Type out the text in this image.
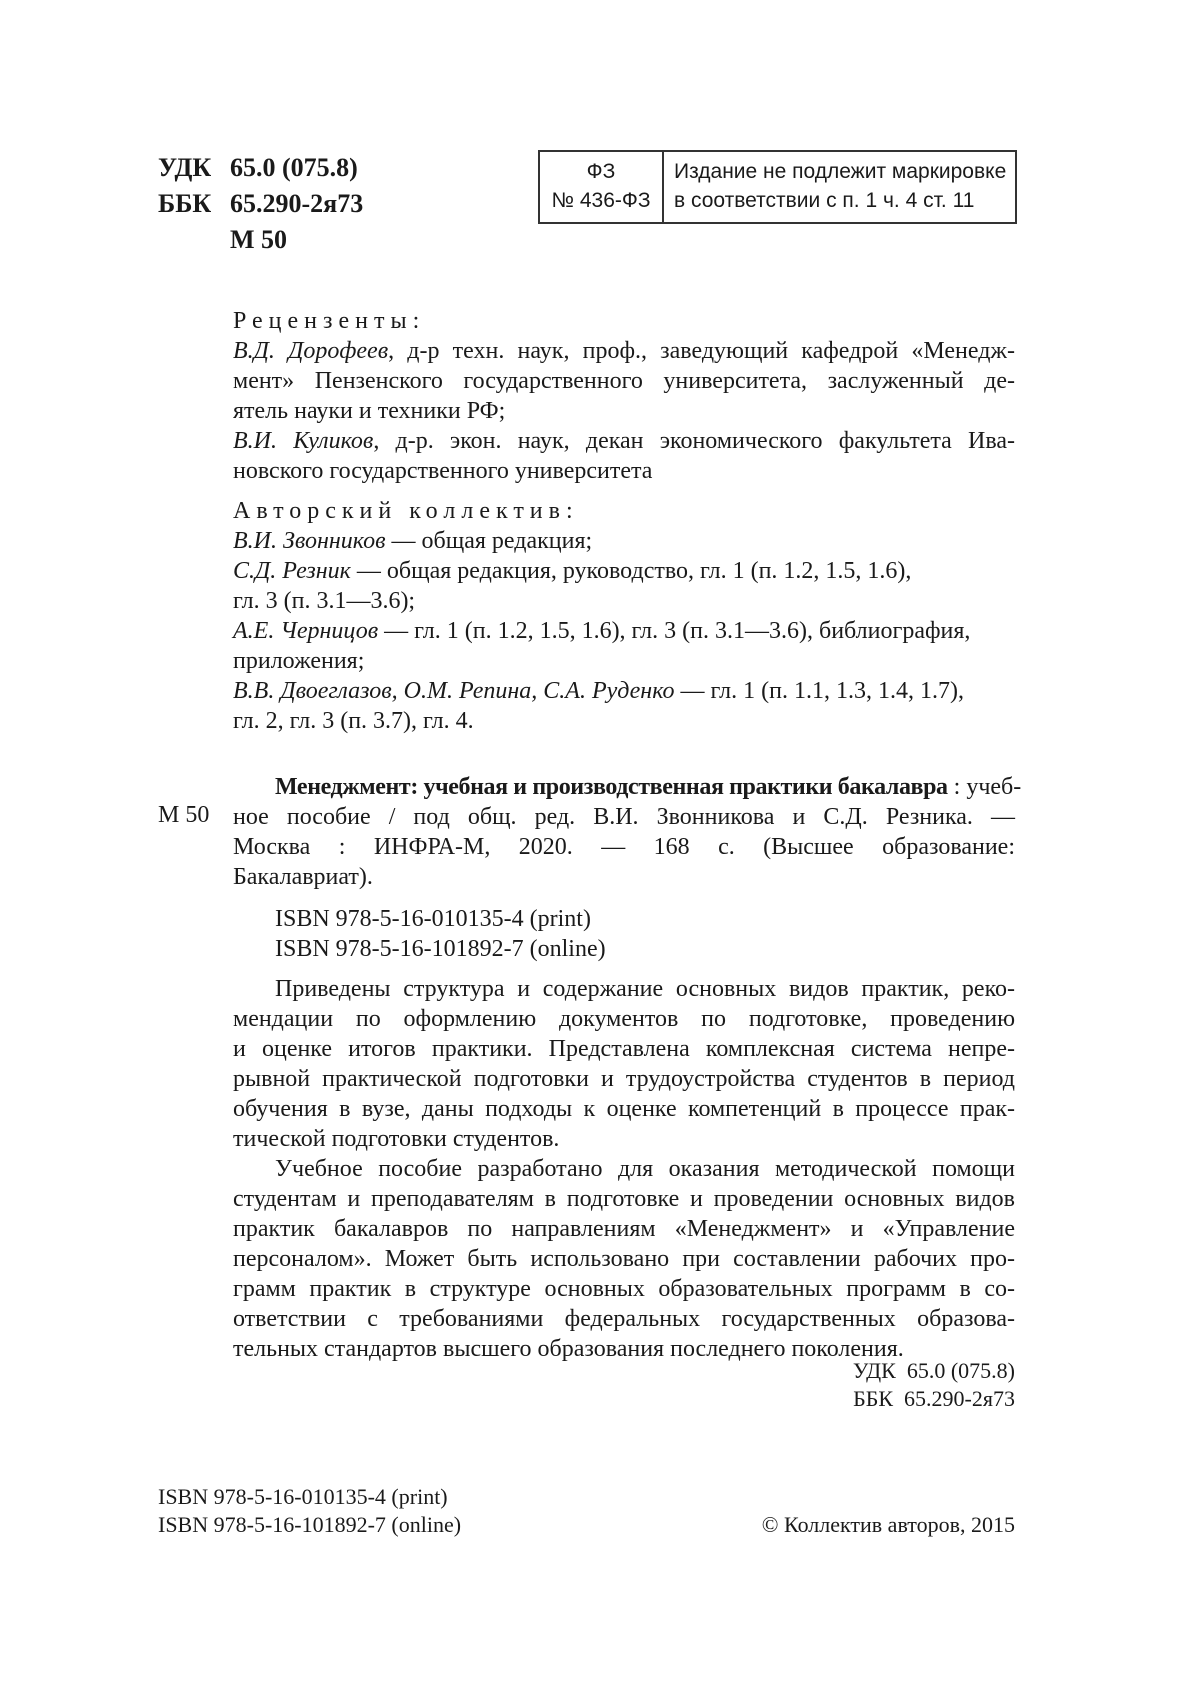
УДК 65.0 (075.8)
ББК 65.290-2я73
М 50
ФЗ
№ 436-ФЗ
Издание не подлежит маркировке
в соответствии с п. 1 ч. 4 ст. 11
Рецензенты:
В.Д. Дорофеев, д-р техн. наук, проф., заведующий кафедрой «Менедж-
мент» Пензенского государственного университета, заслуженный де-
ятель науки и техники РФ;
В.И. Куликов, д-р. экон. наук, декан экономического факультета Ива-
новского государственного университета
Авторский коллектив:
В.И. Звонников — общая редакция;
С.Д. Резник — общая редакция, руководство, гл. 1 (п. 1.2, 1.5, 1.6),
гл. 3 (п. 3.1—3.6);
А.Е. Черницов — гл. 1 (п. 1.2, 1.5, 1.6), гл. 3 (п. 3.1—3.6), библиография,
приложения;
В.В. Двоеглазов, О.М. Репина, С.А. Руденко — гл. 1 (п. 1.1, 1.3, 1.4, 1.7),
гл. 2, гл. 3 (п. 3.7), гл. 4.
М 50
Менеджмент: учебная и производственная практики бакалавра : учеб-
ное пособие / под общ. ред. В.И. Звонникова и С.Д. Резника. —
Москва : ИНФРА-М, 2020. — 168 с. (Высшее образование:
Бакалавриат).
ISBN 978-5-16-010135-4 (print)
ISBN 978-5-16-101892-7 (online)
Приведены структура и содержание основных видов практик, реко-
мендации по оформлению документов по подготовке, проведению
и оценке итогов практики. Представлена комплексная система непре-
рывной практической подготовки и трудоустройства студентов в период
обучения в вузе, даны подходы к оценке компетенций в процессе прак-
тической подготовки студентов.
Учебное пособие разработано для оказания методической помощи
студентам и преподавателям в подготовке и проведении основных видов
практик бакалавров по направлениям «Менеджмент» и «Управление
персоналом». Может быть использовано при составлении рабочих про-
грамм практик в структуре основных образовательных программ в со-
ответствии с требованиями федеральных государственных образова-
тельных стандартов высшего образования последнего поколения.
УДК  65.0 (075.8)
ББК  65.290-2я73
ISBN 978-5-16-010135-4 (print)
ISBN 978-5-16-101892-7 (online)	© Коллектив авторов, 2015
